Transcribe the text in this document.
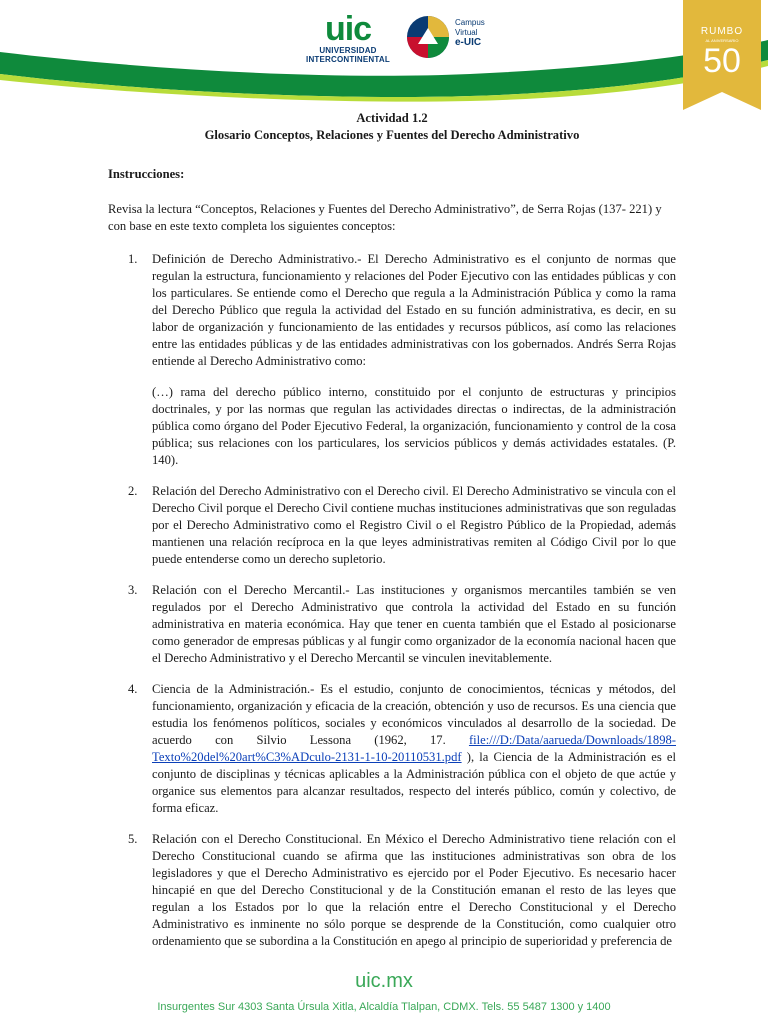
uic
UNIVERSIDAD
INTERCONTINENTAL
Campus
Virtual
e-UIC
RUMBO
AL ANIVERSARIO
50

Actividad 1.2

Glosario Conceptos, Relaciones y Fuentes del Derecho Administrativo

Instrucciones:

Revisa la lectura “Conceptos, Relaciones y Fuentes del Derecho Administrativo”, de Serra Rojas (137- 221) y con base en este texto completa los siguientes conceptos:

1. Definición de Derecho Administrativo.- El Derecho Administrativo es el conjunto de normas que regulan la estructura, funcionamiento y relaciones del Poder Ejecutivo con las entidades públicas y con los particulares. Se entiende como el Derecho que regula a la Administración Pública y como la rama del Derecho Público que regula la actividad del Estado en su función administrativa, es decir, en su labor de organización y funcionamiento de las entidades y recursos públicos, así como las relaciones entre las entidades públicas y de las entidades administrativas con los gobernados. Andrés Serra Rojas entiende al Derecho Administrativo como:
(…) rama del derecho público interno, constituido por el conjunto de estructuras y principios doctrinales, y por las normas que regulan las actividades directas o indirectas, de la administración pública como órgano del Poder Ejecutivo Federal, la organización, funcionamiento y control de la cosa pública; sus relaciones con los particulares, los servicios públicos y demás actividades estatales. (P. 140).
2. Relación del Derecho Administrativo con el Derecho civil. El Derecho Administrativo se vincula con el Derecho Civil porque el Derecho Civil contiene muchas instituciones administrativas que son reguladas por el Derecho Administrativo como el Registro Civil o el Registro Público de la Propiedad, además mantienen una relación recíproca en la que leyes administrativas remiten al Código Civil por lo que puede entenderse como un derecho supletorio.
3. Relación con el Derecho Mercantil.- Las instituciones y organismos mercantiles también se ven regulados por el Derecho Administrativo que controla la actividad del Estado en su función administrativa en materia económica. Hay que tener en cuenta también que el Estado al posicionarse como generador de empresas públicas y al fungir como organizador de la economía nacional hacen que el Derecho Administrativo y el Derecho Mercantil se vinculen inevitablemente.
4. Ciencia de la Administración.- Es el estudio, conjunto de conocimientos, técnicas y métodos, del funcionamiento, organización y eficacia de la creación, obtención y uso de recursos. Es una ciencia que estudia los fenómenos políticos, sociales y económicos vinculados al desarrollo de la sociedad. De acuerdo con Silvio Lessona (1962, 17. file:///D:/Data/aarueda/Downloads/1898-Texto%20del%20art%C3%ADculo-2131-1-10-20110531.pdf ), la Ciencia de la Administración es el conjunto de disciplinas y técnicas aplicables a la Administración pública con el objeto de que actúe y organice sus elementos para alcanzar resultados, respecto del interés público, común y colectivo, de forma eficaz.
5. Relación con el Derecho Constitucional. En México el Derecho Administrativo tiene relación con el Derecho Constitucional cuando se afirma que las instituciones administrativas son obra de los legisladores y que el Derecho Administrativo es ejercido por el Poder Ejecutivo. Es necesario hacer hincapié en que del Derecho Constitucional y de la Constitución emanan el resto de las leyes que regulan a los Estados por lo que la relación entre el Derecho Constitucional y el Derecho Administrativo es inminente no sólo porque se desprende de la Constitución, como cualquier otro ordenamiento que se subordina a la Constitución en apego al principio de superioridad y preferencia de
uic.mx
Insurgentes Sur 4303 Santa Úrsula Xitla, Alcaldía Tlalpan, CDMX. Tels. 55 5487 1300 y 1400
